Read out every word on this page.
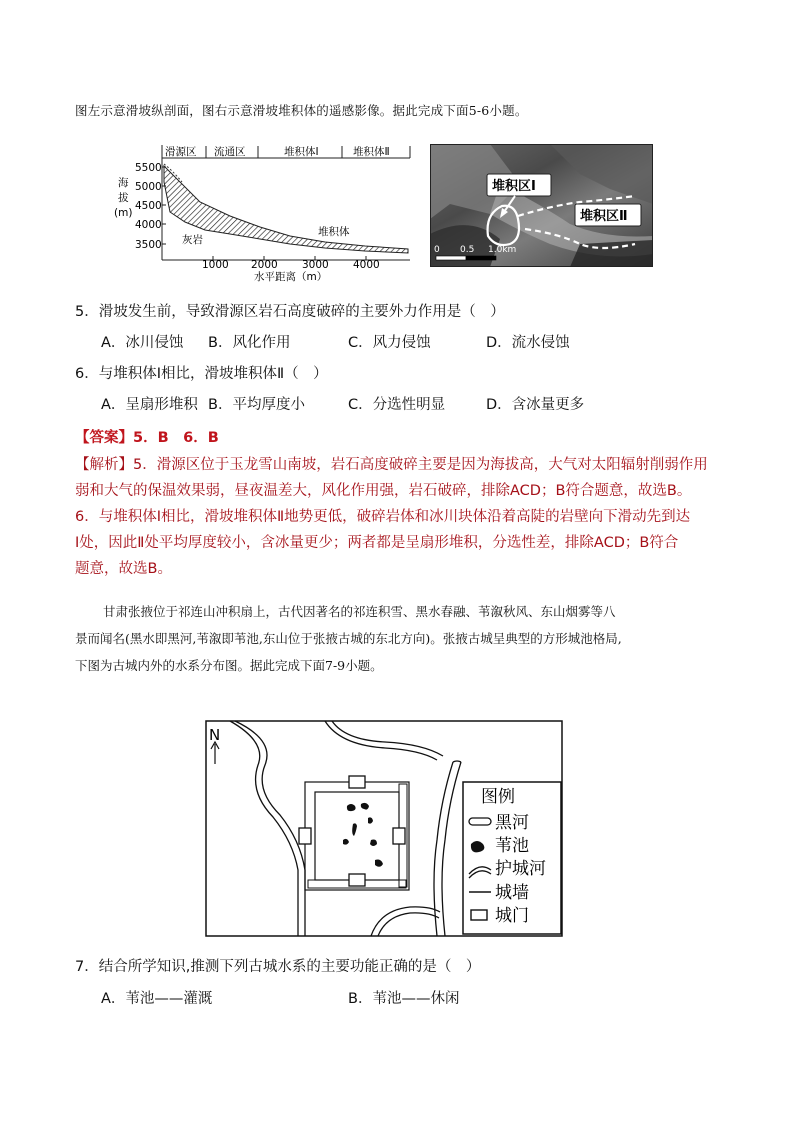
图左示意滑坡纵剖面，图右示意滑坡堆积体的遥感影像。据此完成下面5-6小题。
滑源区 流通区	堆积体Ⅰ	堆积体Ⅱ
海
拔
(m)
5500
5000
4500
4000
3500
1000 2000 3000 4000
水平距离（m）
灰岩
堆积体
堆积区Ⅰ
堆积区Ⅱ
0 0.5 1.0km
5．滑坡发生前，导致滑源区岩石高度破碎的主要外力作用是（　）
A．冰川侵蚀 B．风化作用	C．风力侵蚀	D．流水侵蚀
6．与堆积体Ⅰ相比，滑坡堆积体Ⅱ（　）
A．呈扇形堆积 B．平均厚度小	C．分选性明显	D．含冰量更多
【答案】5．B　6．B
【解析】5．滑源区位于玉龙雪山南坡，岩石高度破碎主要是因为海拔高，大气对太阳辐射削弱作用
弱和大气的保温效果弱，昼夜温差大，风化作用强，岩石破碎，排除ACD；B符合题意，故选B。
6．与堆积体Ⅰ相比，滑坡堆积体Ⅱ地势更低，破碎岩体和冰川块体沿着高陡的岩壁向下滑动先到达
Ⅰ处，因此Ⅱ处平均厚度较小，含冰量更少；两者都是呈扇形堆积，分选性差，排除ACD；B符合
题意，故选B。
甘肃张掖位于祁连山冲积扇上，古代因著名的祁连积雪、黑水春融、苇溆秋风、东山烟雾等八
景而闻名(黑水即黑河,苇溆即苇池,东山位于张掖古城的东北方向)。张掖古城呈典型的方形城池格局,
下图为古城内外的水系分布图。据此完成下面7-9小题。
N
图例
黑河
苇池
护城河
城墙
城门
7．结合所学知识,推测下列古城水系的主要功能正确的是（　）
A．苇池——灌溉	B．苇池——休闲
